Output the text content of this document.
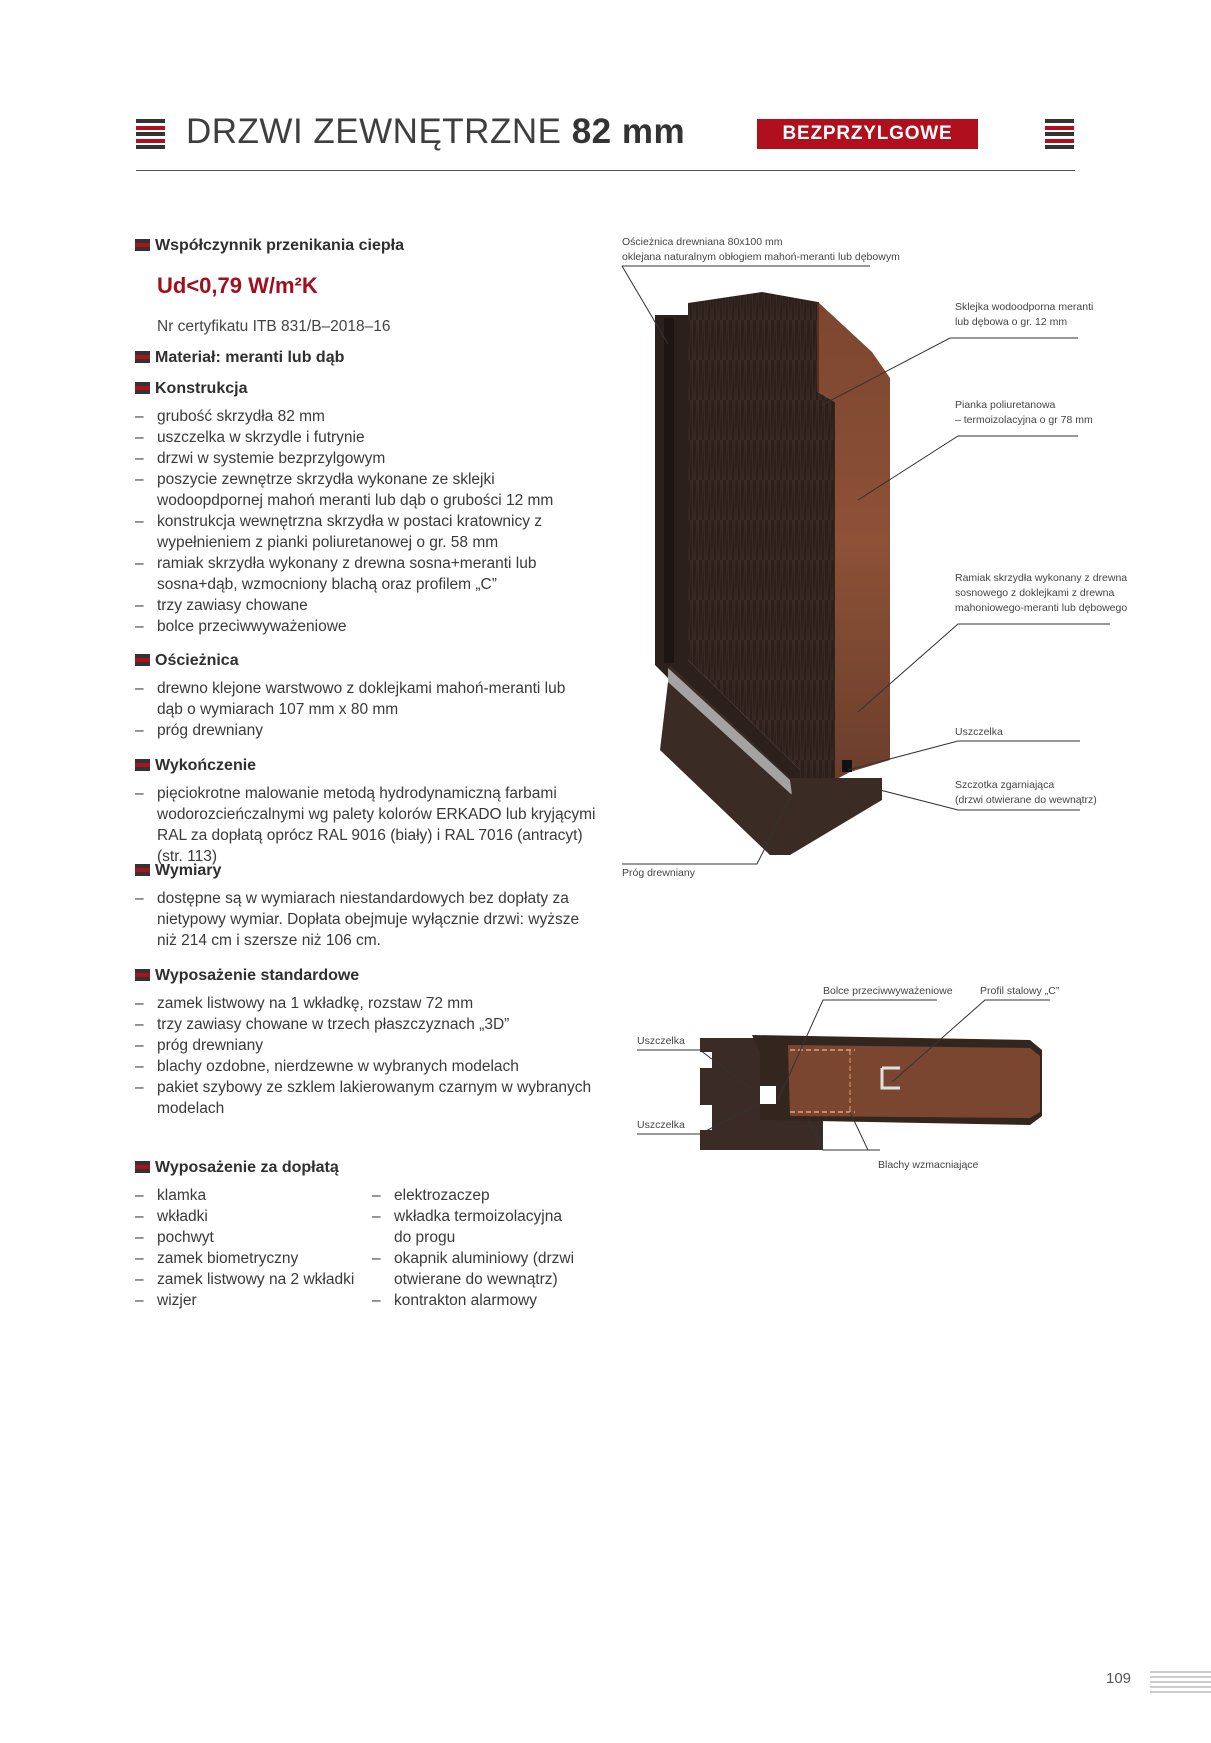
DRZWI ZEWNĘTRZNE 82 mm	BEZPRZYLGOWE
Współczynnik przenikania ciepła
Ud<0,79 W/m²K
Nr certyfikatu ITB 831/B–2018–16
Materiał: meranti lub dąb
Konstrukcja
– grubość skrzydła 82 mm
– uszczelka w skrzydle i futrynie
– drzwi w systemie bezprzylgowym
– poszycie zewnętrze skrzydła wykonane ze sklejki wodoopdpornej mahoń meranti lub dąb o grubości 12 mm
– konstrukcja wewnętrzna skrzydła w postaci kratownicy z wypełnieniem z pianki poliuretanowej o gr. 58 mm
– ramiak skrzydła wykonany z drewna sosna+meranti lub sosna+dąb, wzmocniony blachą oraz profilem „C”
– trzy zawiasy chowane
– bolce przeciwwyważeniowe
Ościeżnica
– drewno klejone warstwowo z doklejkami mahoń-meranti lub dąb o wymiarach 107 mm x 80 mm
– próg drewniany
Wykończenie
– pięciokrotne malowanie metodą hydrodynamiczną farbami wodorozcieńczalnymi wg palety kolorów ERKADO lub kryjącymi RAL za dopłatą oprócz RAL 9016 (biały) i RAL 7016 (antracyt) (str. 113)
Wymiary
– dostępne są w wymiarach niestandardowych bez dopłaty za nietypowy wymiar. Dopłata obejmuje wyłącznie drzwi: wyższe niż 214 cm i szersze niż 106 cm.
Wyposażenie standardowe
– zamek listwowy na 1 wkładkę, rozstaw 72 mm
– trzy zawiasy chowane w trzech płaszczyznach „3D”
– próg drewniany
– blachy ozdobne, nierdzewne w wybranych modelach
– pakiet szybowy ze szklem lakierowanym czarnym w wybranych modelach
Wyposażenie za dopłatą
– klamka
– wkładki
– pochwyt
– zamek biometryczny
– zamek listwowy na 2 wkładki
– wizjer
– elektrozaczep
– wkładka termoizolacyjna do progu
– okapnik aluminiowy (drzwi otwierane do wewnątrz)
– kontrakton alarmowy
Ościeżnica drewniana 80x100 mm
oklejana naturalnym obłogiem mahoń-meranti lub dębowym
Sklejka wodoodporna meranti
lub dębowa o gr. 12 mm
Pianka poliuretanowa
– termoizolacyjna o gr 78 mm
Ramiak skrzydła wykonany z drewna
sosnowego z doklejkami z drewna
mahoniowego-meranti lub dębowego
Uszczelka
Szczotka zgarniająca
(drzwi otwierane do wewnątrz)
Próg drewniany
Bolce przeciwwyważeniowe	Profil stalowy „C”
Uszczelka
Uszczelka
Blachy wzmacniające
109
